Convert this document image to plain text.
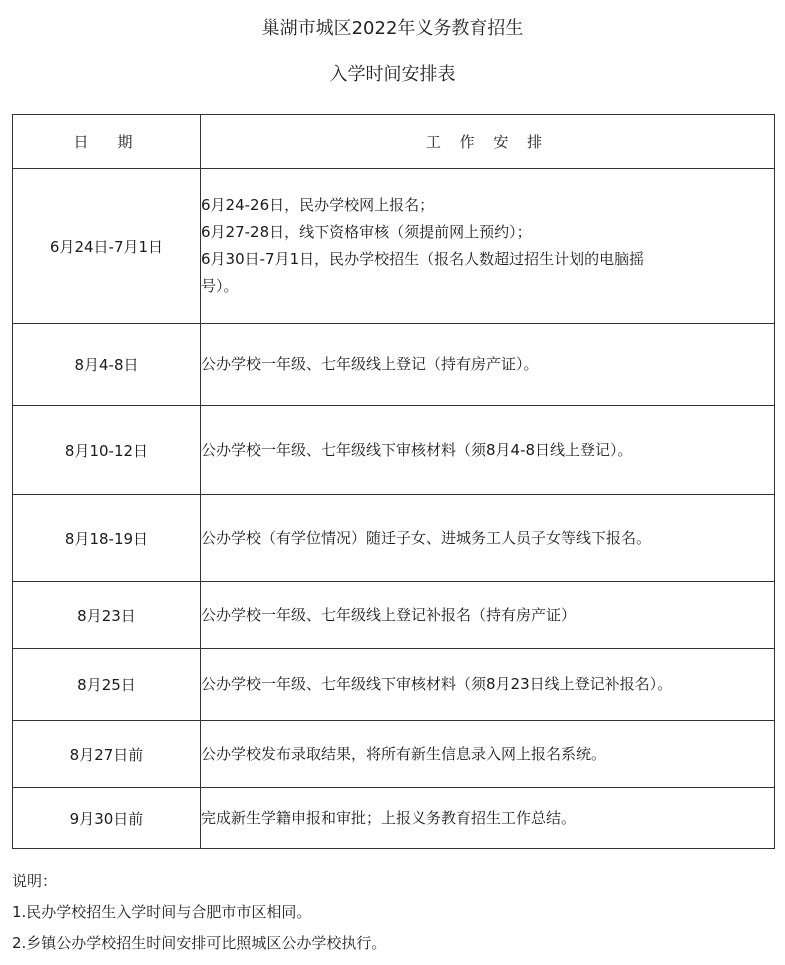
巢湖市城区2022年义务教育招生
入学时间安排表
日　期	工 作 安 排
6月24日-7月1日	6月24-26日，民办学校网上报名；
6月27-28日，线下资格审核（须提前网上预约）；
6月30日-7月1日，民办学校招生（报名人数超过招生计划的电脑摇
号）。

8月4-8日	公办学校一年级、七年级线上登记（持有房产证）。
8月10-12日	公办学校一年级、七年级线下审核材料（须8月4-8日线上登记）。
8月18-19日	公办学校（有学位情况）随迁子女、进城务工人员子女等线下报名。
8月23日	公办学校一年级、七年级线上登记补报名（持有房产证）
8月25日	公办学校一年级、七年级线下审核材料（须8月23日线上登记补报名）。
8月27日前	公办学校发布录取结果，将所有新生信息录入网上报名系统。
9月30日前	完成新生学籍申报和审批；上报义务教育招生工作总结。
说明：
1.民办学校招生入学时间与合肥市市区相同。
2.乡镇公办学校招生时间安排可比照城区公办学校执行。
